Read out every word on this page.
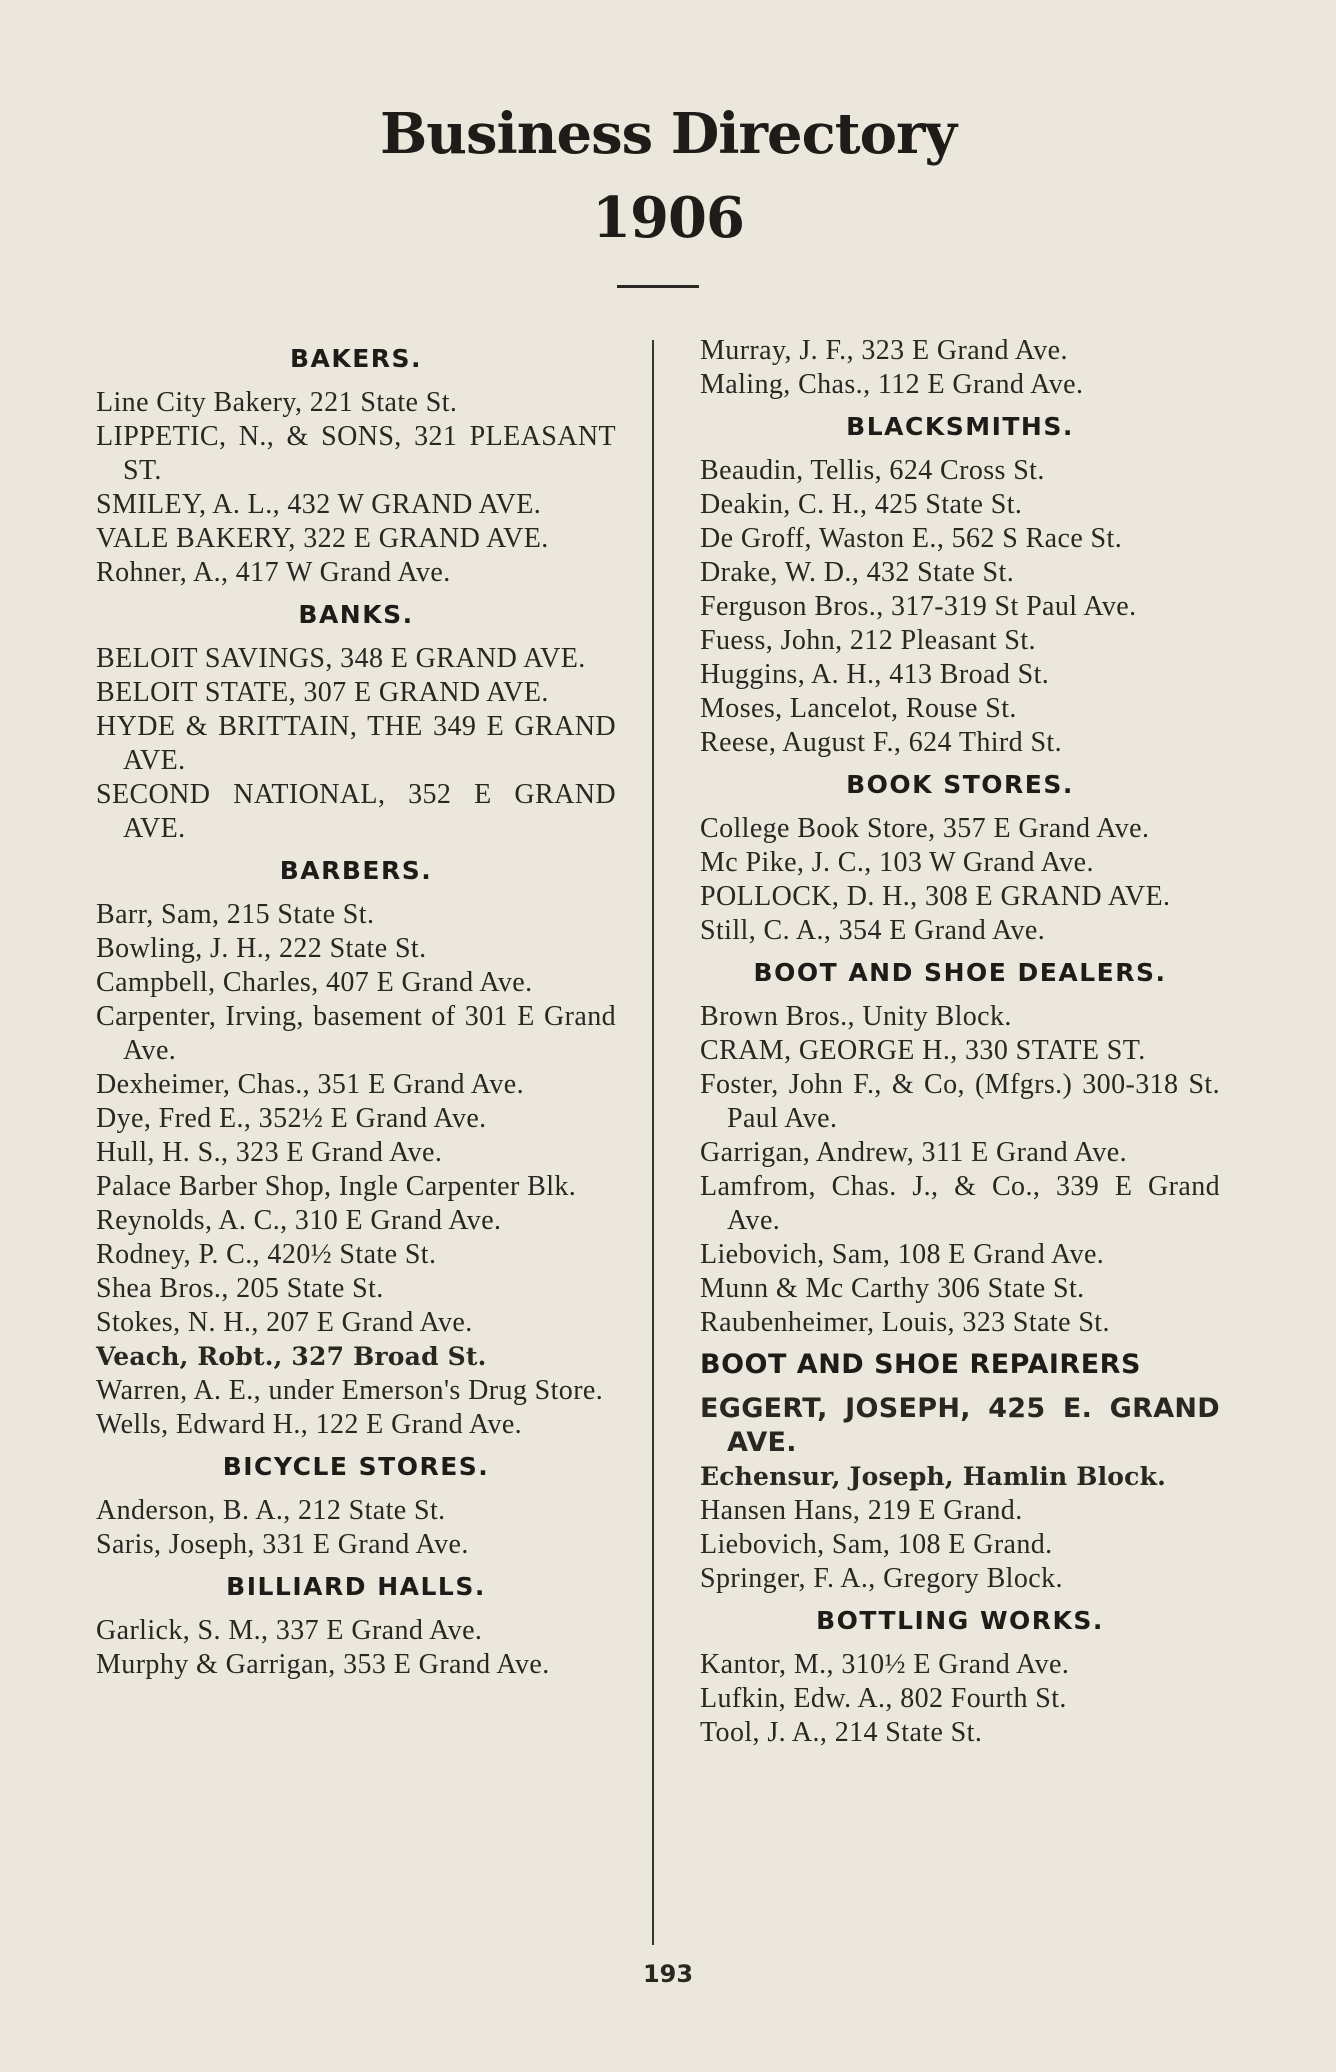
Business Directory
1906
BAKERS.
Line City Bakery, 221 State St.
LIPPETIC, N., & SONS, 321 PLEASANT ST.
SMILEY, A. L., 432 W GRAND AVE.
VALE BAKERY, 322 E GRAND AVE.
Rohner, A., 417 W Grand Ave.
BANKS.
BELOIT SAVINGS, 348 E GRAND AVE.
BELOIT STATE, 307 E GRAND AVE.
HYDE & BRITTAIN, THE 349 E GRAND AVE.
SECOND NATIONAL, 352 E GRAND AVE.
BARBERS.
Barr, Sam, 215 State St.
Bowling, J. H., 222 State St.
Campbell, Charles, 407 E Grand Ave.
Carpenter, Irving, basement of 301 E Grand Ave.
Dexheimer, Chas., 351 E Grand Ave.
Dye, Fred E., 352½ E Grand Ave.
Hull, H. S., 323 E Grand Ave.
Palace Barber Shop, Ingle Carpenter Blk.
Reynolds, A. C., 310 E Grand Ave.
Rodney, P. C., 420½ State St.
Shea Bros., 205 State St.
Stokes, N. H., 207 E Grand Ave.
Veach, Robt., 327 Broad St.
Warren, A. E., under Emerson's Drug Store.
Wells, Edward H., 122 E Grand Ave.
BICYCLE STORES.
Anderson, B. A., 212 State St.
Saris, Joseph, 331 E Grand Ave.
BILLIARD HALLS.
Garlick, S. M., 337 E Grand Ave.
Murphy & Garrigan, 353 E Grand Ave.
Murray, J. F., 323 E Grand Ave.
Maling, Chas., 112 E Grand Ave.
BLACKSMITHS.
Beaudin, Tellis, 624 Cross St.
Deakin, C. H., 425 State St.
De Groff, Waston E., 562 S Race St.
Drake, W. D., 432 State St.
Ferguson Bros., 317-319 St Paul Ave.
Fuess, John, 212 Pleasant St.
Huggins, A. H., 413 Broad St.
Moses, Lancelot, Rouse St.
Reese, August F., 624 Third St.
BOOK STORES.
College Book Store, 357 E Grand Ave.
Mc Pike, J. C., 103 W Grand Ave.
POLLOCK, D. H., 308 E GRAND AVE.
Still, C. A., 354 E Grand Ave.
BOOT AND SHOE DEALERS.
Brown Bros., Unity Block.
CRAM, GEORGE H., 330 STATE ST.
Foster, John F., & Co, (Mfgrs.) 300-318 St. Paul Ave.
Garrigan, Andrew, 311 E Grand Ave.
Lamfrom, Chas. J., & Co., 339 E Grand Ave.
Liebovich, Sam, 108 E Grand Ave.
Munn & Mc Carthy 306 State St.
Raubenheimer, Louis, 323 State St.
BOOT AND SHOE REPAIRERS
EGGERT, JOSEPH, 425 E. GRAND AVE.
Echensur, Joseph, Hamlin Block.
Hansen Hans, 219 E Grand.
Liebovich, Sam, 108 E Grand.
Springer, F. A., Gregory Block.
BOTTLING WORKS.
Kantor, M., 310½ E Grand Ave.
Lufkin, Edw. A., 802 Fourth St.
Tool, J. A., 214 State St.
193
